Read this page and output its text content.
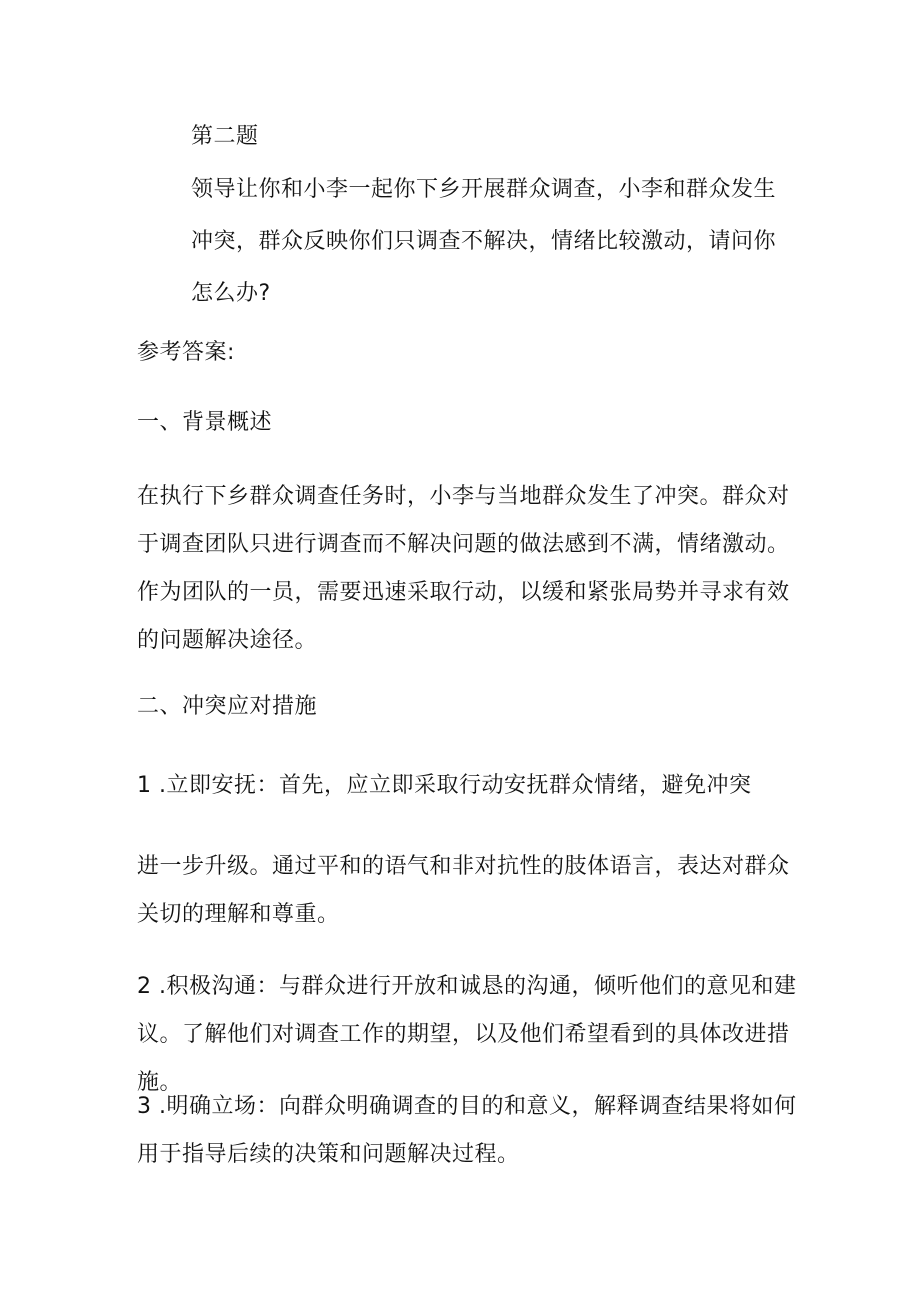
第二题

领导让你和小李一起你下乡开展群众调查，小李和群众发生冲突，群众反映你们只调查不解决，情绪比较激动，请问你怎么办?

参考答案:

一、背景概述

在执行下乡群众调查任务时，小李与当地群众发生了冲突。群众对于调查团队只进行调查而不解决问题的做法感到不满，情绪激动。作为团队的一员，需要迅速采取行动，以缓和紧张局势并寻求有效的问题解决途径。

二、冲突应对措施

1 .立即安抚：首先，应立即采取行动安抚群众情绪，避免冲突

进一步升级。通过平和的语气和非对抗性的肢体语言，表达对群众关切的理解和尊重。

2 .积极沟通：与群众进行开放和诚恳的沟通，倾听他们的意见和建议。了解他们对调查工作的期望，以及他们希望看到的具体改进措施。

3 .明确立场：向群众明确调查的目的和意义，解释调查结果将如何用于指导后续的决策和问题解决过程。
